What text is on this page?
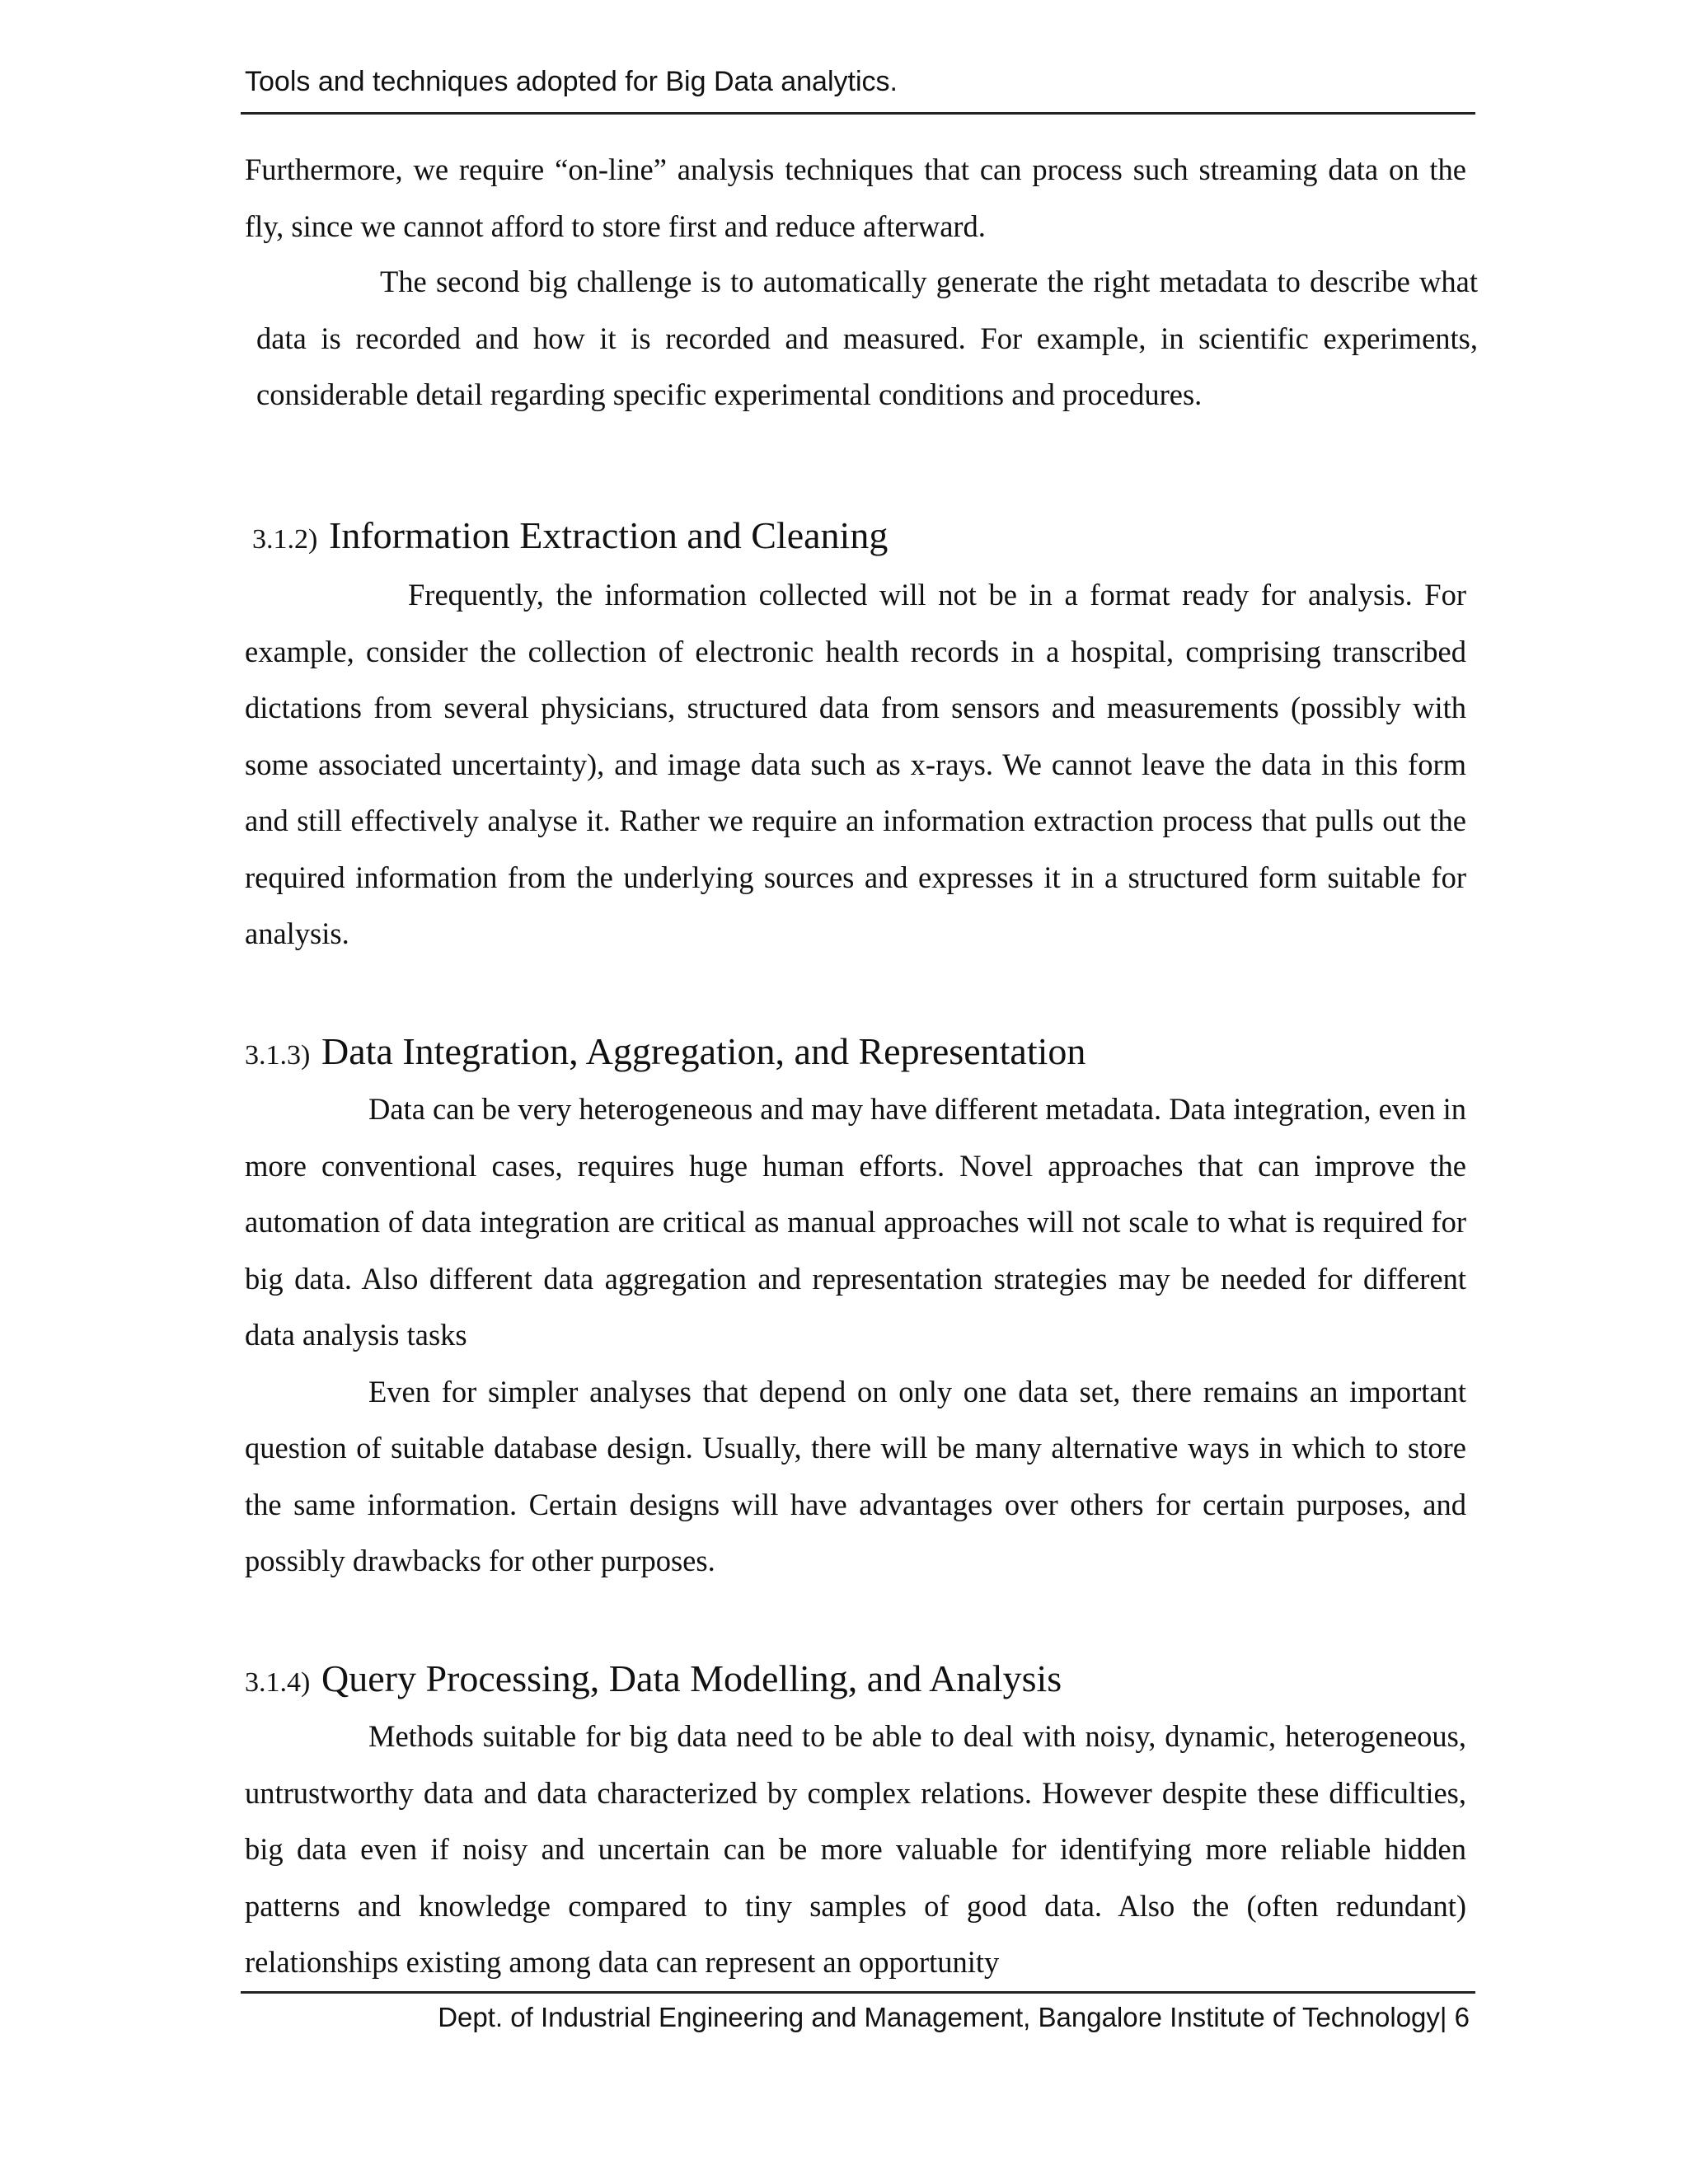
Tools and techniques adopted for Big Data analytics.

Furthermore, we require “on-line” analysis techniques that can process such streaming data on the fly, since we cannot afford to store first and reduce afterward.

The second big challenge is to automatically generate the right metadata to describe what data is recorded and how it is recorded and measured. For example, in scientific experiments, considerable detail regarding specific experimental conditions and procedures.

3.1.2) Information Extraction and Cleaning

Frequently, the information collected will not be in a format ready for analysis. For example, consider the collection of electronic health records in a hospital, comprising transcribed dictations from several physicians, structured data from sensors and measurements (possibly with some associated uncertainty), and image data such as x-rays. We cannot leave the data in this form and still effectively analyse it. Rather we require an information extraction process that pulls out the required information from the underlying sources and expresses it in a structured form suitable for analysis.

3.1.3) Data Integration, Aggregation, and Representation

Data can be very heterogeneous and may have different metadata. Data integration, even in more conventional cases, requires huge human efforts. Novel approaches that can improve the automation of data integration are critical as manual approaches will not scale to what is required for big data. Also different data aggregation and representation strategies may be needed for different data analysis tasks

Even for simpler analyses that depend on only one data set, there remains an important question of suitable database design. Usually, there will be many alternative ways in which to store the same information. Certain designs will have advantages over others for certain purposes, and possibly drawbacks for other purposes.

3.1.4) Query Processing, Data Modelling, and Analysis

Methods suitable for big data need to be able to deal with noisy, dynamic, heterogeneous, untrustworthy data and data characterized by complex relations. However despite these difficulties, big data even if noisy and uncertain can be more valuable for identifying more reliable hidden patterns and knowledge compared to tiny samples of good data. Also the (often redundant) relationships existing among data can represent an opportunity

Dept. of Industrial Engineering and Management, Bangalore Institute of Technology| 6
